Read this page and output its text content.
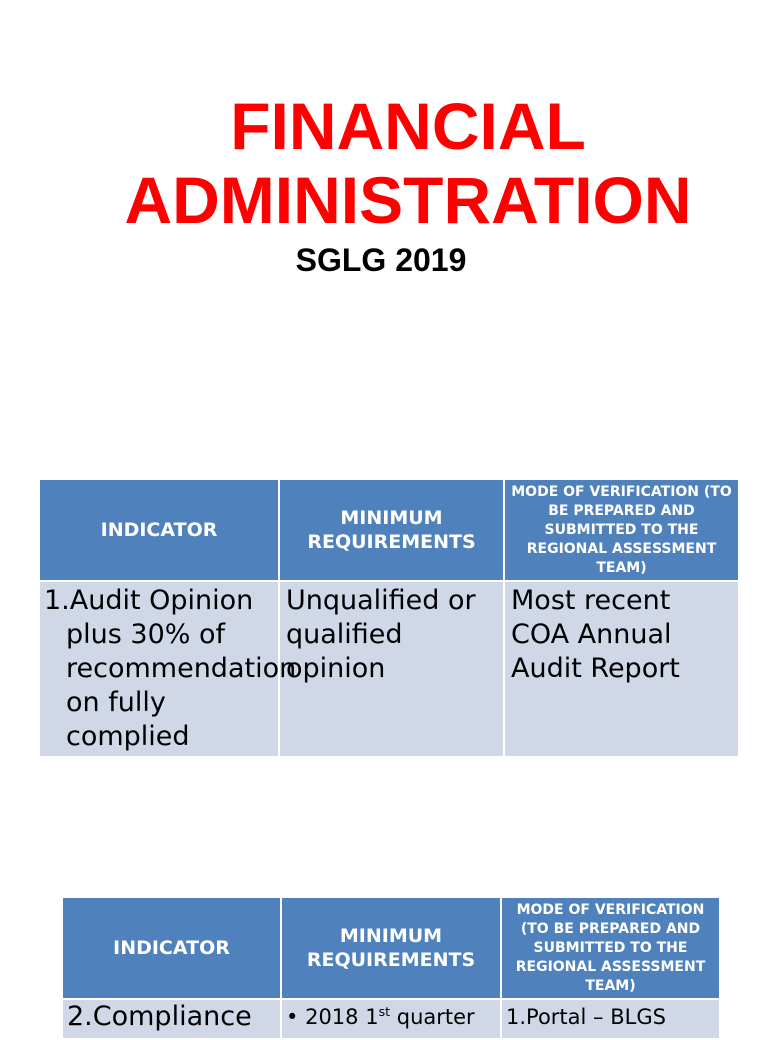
FINANCIAL
ADMINISTRATION
SGLG 2019
INDICATOR	MINIMUM REQUIREMENTS	MODE OF VERIFICATION (TO BE PREPARED AND SUBMITTED TO THE REGIONAL ASSESSMENT TEAM)

1.Audit Opinion plus 30% of recommendation on fully complied	Unqualified or qualified opinion	Most recent COA Annual Audit Report
INDICATOR	MINIMUM REQUIREMENTS	MODE OF VERIFICATION (TO BE PREPARED AND SUBMITTED TO THE REGIONAL ASSESSMENT TEAM)

2.Compliance	• 2018 1st quarter	1.Portal – BLGS
